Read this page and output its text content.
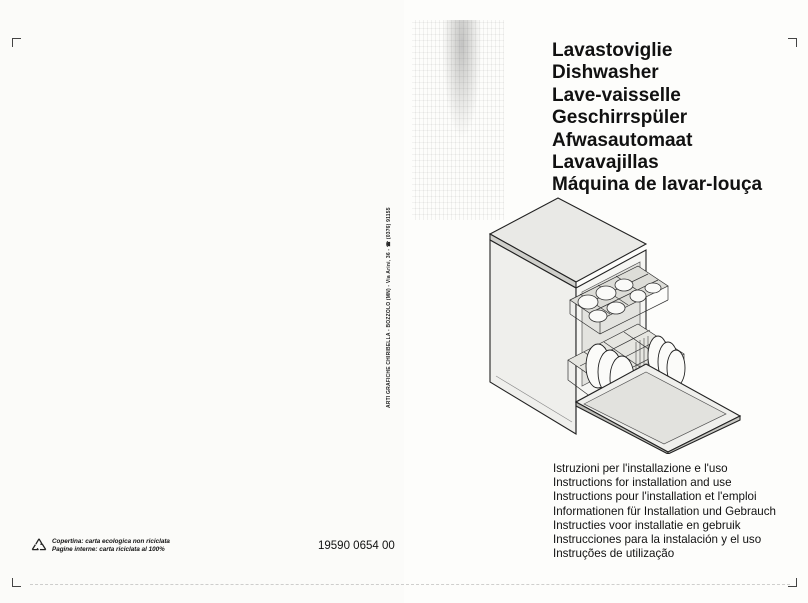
Lavastoviglie
Dishwasher
Lave-vaisselle
Geschirrspüler
Afwasautomaat
Lavavajillas
Máquina de lavar-louça
Istruzioni per l'installazione e l'uso
Instructions for installation and use
Instructions pour l'installation et l'emploi
Informationen für Installation und Gebrauch
Instructies voor installatie en gebruik
Instrucciones para la instalación y el uso
Instruções de utilização
ARTI GRAFICHE CHIRIBELLA - BOZZOLO (MN) - Via Arini, 36 - ☎ (0376) 91155
Copertina: carta ecologica non riciclata
Pagine interne: carta riciclata al 100%	19590 0654 00
